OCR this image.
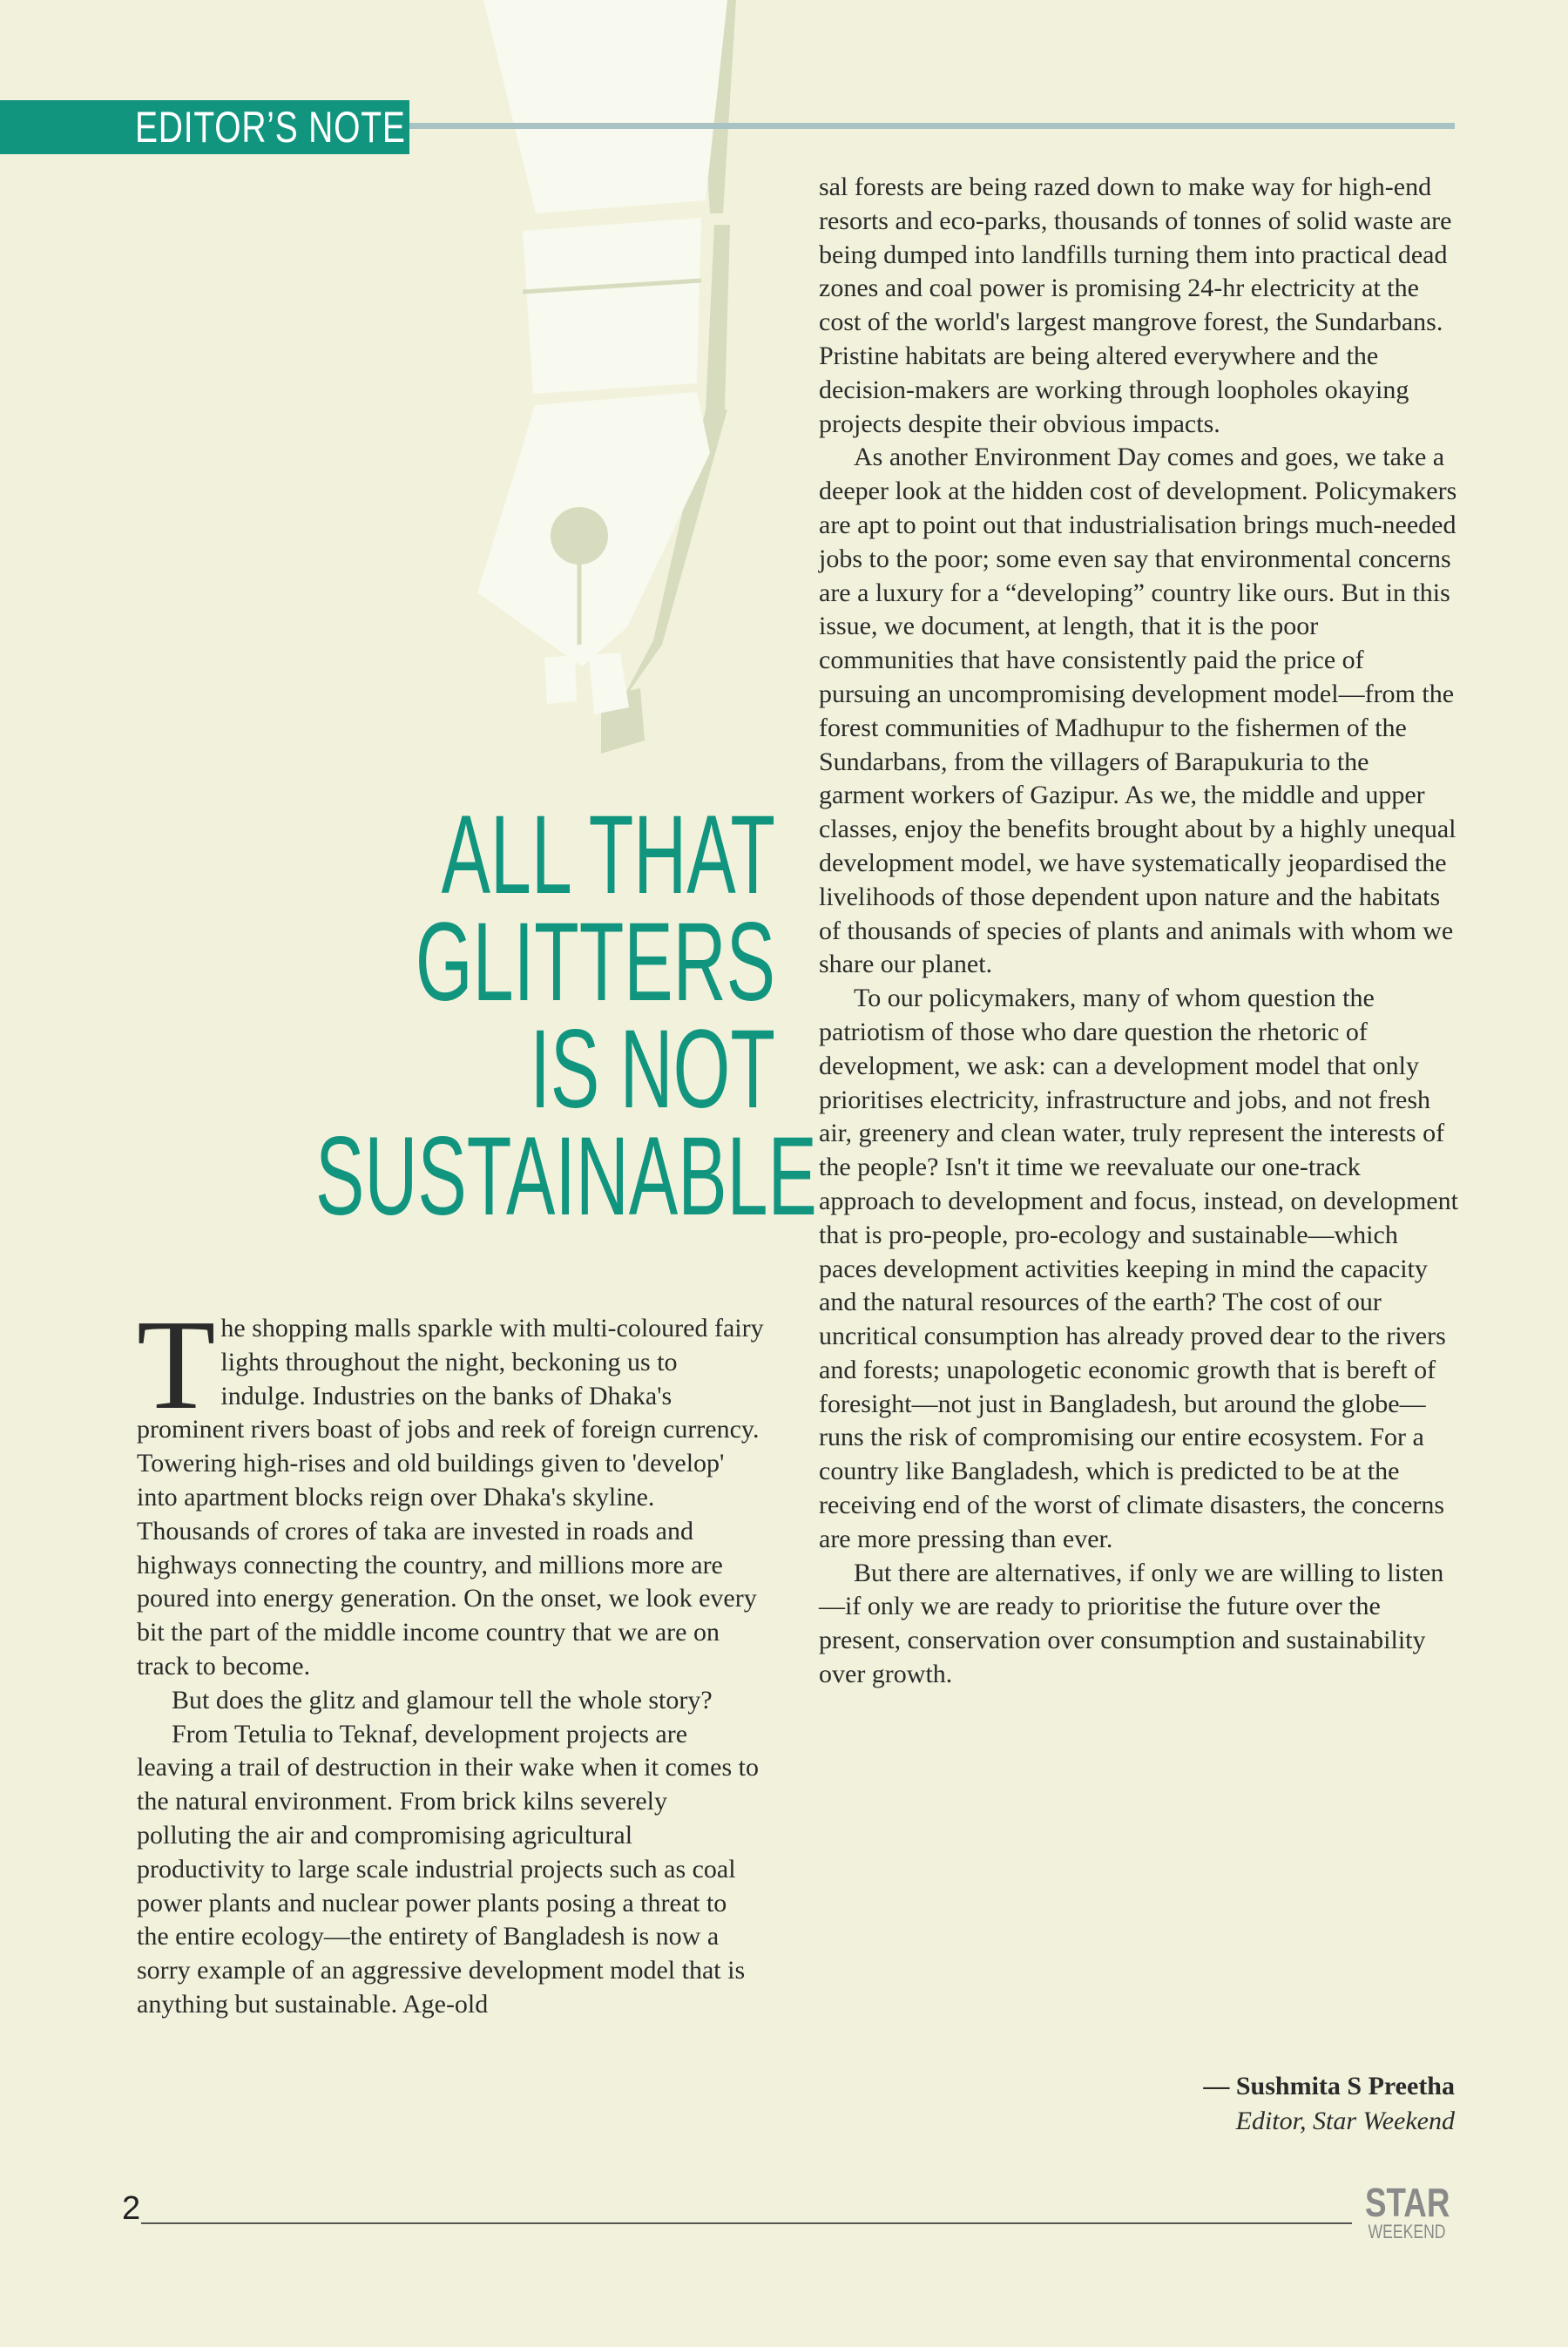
EDITOR’S NOTE
ALL THAT
GLITTERS
IS NOT
SUSTAINABLE

The shopping malls sparkle with multi-coloured fairy lights throughout the night, beckoning us to indulge. Industries on the banks of Dhaka's prominent rivers boast of jobs and reek of foreign currency. Towering high-rises and old buildings given to 'develop' into apartment blocks reign over Dhaka's skyline. Thousands of crores of taka are invested in roads and highways connecting the country, and millions more are poured into energy generation. On the onset, we look every bit the part of the middle income country that we are on track to become.

But does the glitz and glamour tell the whole story?

From Tetulia to Teknaf, development projects are leaving a trail of destruction in their wake when it comes to the natural environment. From brick kilns severely polluting the air and compromising agricultural productivity to large scale industrial projects such as coal power plants and nuclear power plants posing a threat to the entire ecology—the entirety of Bangladesh is now a sorry example of an aggressive development model that is anything but sustainable. Age-old

sal forests are being razed down to make way for high-end resorts and eco-parks, thousands of tonnes of solid waste are being dumped into landfills turning them into practical dead zones and coal power is promising 24-hr electricity at the cost of the world's largest mangrove forest, the Sundarbans. Pristine habitats are being altered everywhere and the decision-makers are working through loopholes okaying projects despite their obvious impacts.

As another Environment Day comes and goes, we take a deeper look at the hidden cost of development. Policymakers are apt to point out that industrialisation brings much-needed jobs to the poor; some even say that environmental concerns are a luxury for a “developing” country like ours. But in this issue, we document, at length, that it is the poor communities that have consistently paid the price of pursuing an uncompromising development model—from the forest communities of Madhupur to the fishermen of the Sundarbans, from the villagers of Barapukuria to the garment workers of Gazipur. As we, the middle and upper classes, enjoy the benefits brought about by a highly unequal development model, we have systematically jeopardised the livelihoods of those dependent upon nature and the habitats of thousands of species of plants and animals with whom we share our planet.

To our policymakers, many of whom question the patriotism of those who dare question the rhetoric of development, we ask: can a development model that only prioritises electricity, infrastructure and jobs, and not fresh air, greenery and clean water, truly represent the interests of the people? Isn't it time we reevaluate our one-track approach to development and focus, instead, on development that is pro-people, pro-ecology and sustainable—which paces development activities keeping in mind the capacity and the natural resources of the earth? The cost of our uncritical consumption has already proved dear to the rivers and forests; unapologetic economic growth that is bereft of foresight—not just in Bangladesh, but around the globe—runs the risk of compromising our entire ecosystem. For a country like Bangladesh, which is predicted to be at the receiving end of the worst of climate disasters, the concerns are more pressing than ever.

But there are alternatives, if only we are willing to listen—if only we are ready to prioritise the future over the present, conservation over consumption and sustainability over growth.

— Sushmita S Preetha
Editor, Star Weekend
2	STAR
WEEKEND
